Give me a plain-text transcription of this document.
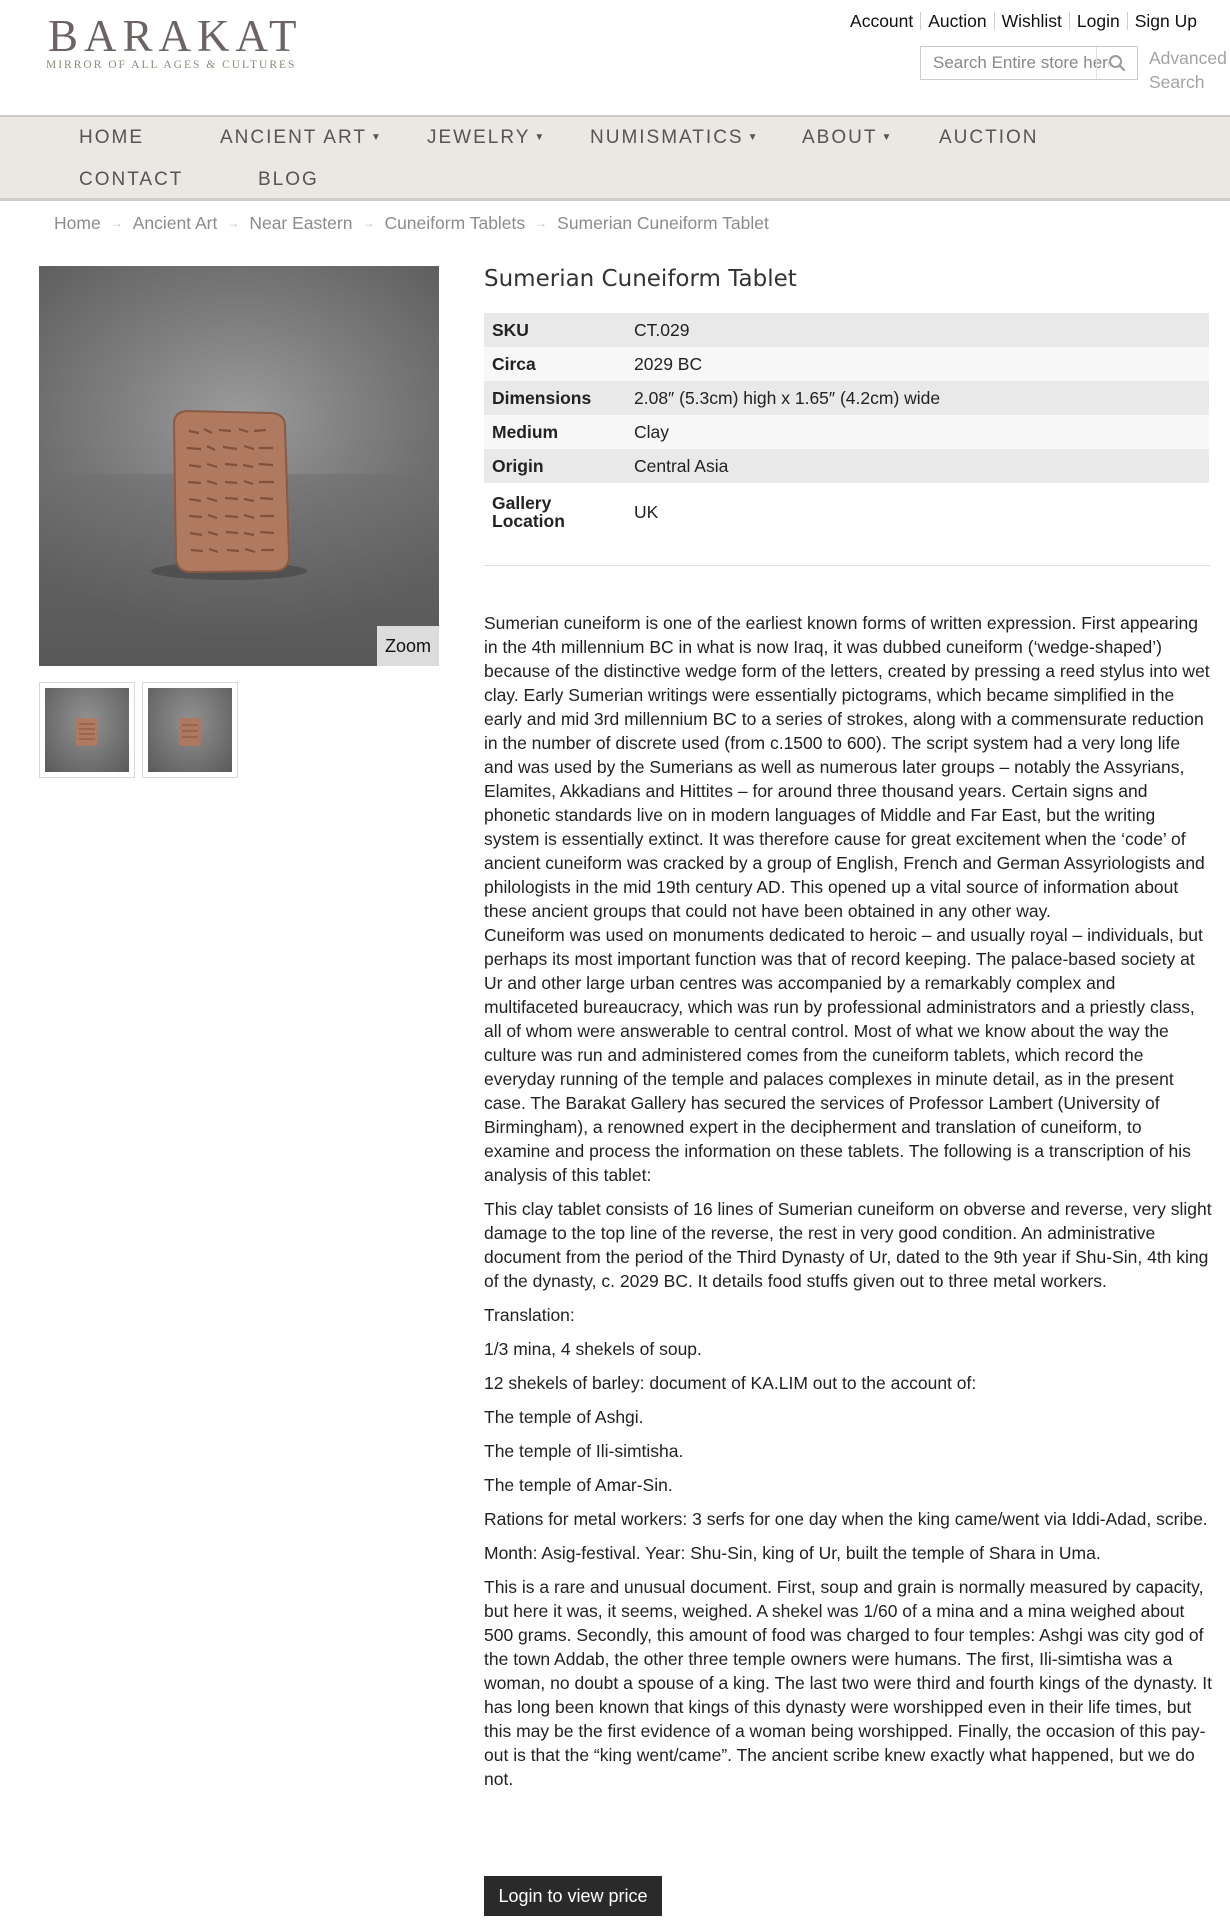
BARAKAT
MIRROR OF ALL AGES & CULTURES
Account Auction Wishlist Login Sign Up
Search Entire store here...
Advanced
Search
HOME	ANCIENT ART ▼ JEWELRY ▼ NUMISMATICS ▼ ABOUT ▼ AUCTION
CONTACT	BLOG
Home → Ancient Art → Near Eastern → Cuneiform Tablets → Sumerian Cuneiform Tablet
Zoom
Sumerian Cuneiform Tablet
SKU	CT.029
Circa	2029 BC
Dimensions	2.08″ (5.3cm) high x 1.65″ (4.2cm) wide
Medium	Clay
Origin	Central Asia
Gallery Location	UK

Sumerian cuneiform is one of the earliest known forms of written expression. First appearing in the 4th millennium BC in what is now Iraq, it was dubbed cuneiform (‘wedge-shaped’) because of the distinctive wedge form of the letters, created by pressing a reed stylus into wet clay. Early Sumerian writings were essentially pictograms, which became simplified in the early and mid 3rd millennium BC to a series of strokes, along with a commensurate reduction in the number of discrete used (from c.1500 to 600). The script system had a very long life and was used by the Sumerians as well as numerous later groups – notably the Assyrians, Elamites, Akkadians and Hittites – for around three thousand years. Certain signs and phonetic standards live on in modern languages of Middle and Far East, but the writing system is essentially extinct. It was therefore cause for great excitement when the ‘code’ of ancient cuneiform was cracked by a group of English, French and German Assyriologists and philologists in the mid 19th century AD. This opened up a vital source of information about these ancient groups that could not have been obtained in any other way.

Cuneiform was used on monuments dedicated to heroic – and usually royal – individuals, but perhaps its most important function was that of record keeping. The palace-based society at Ur and other large urban centres was accompanied by a remarkably complex and multifaceted bureaucracy, which was run by professional administrators and a priestly class, all of whom were answerable to central control. Most of what we know about the way the culture was run and administered comes from the cuneiform tablets, which record the everyday running of the temple and palaces complexes in minute detail, as in the present case. The Barakat Gallery has secured the services of Professor Lambert (University of Birmingham), a renowned expert in the decipherment and translation of cuneiform, to examine and process the information on these tablets. The following is a transcription of his analysis of this tablet:

This clay tablet consists of 16 lines of Sumerian cuneiform on obverse and reverse, very slight damage to the top line of the reverse, the rest in very good condition. An administrative document from the period of the Third Dynasty of Ur, dated to the 9th year if Shu-Sin, 4th king of the dynasty, c. 2029 BC. It details food stuffs given out to three metal workers.

Translation:

1/3 mina, 4 shekels of soup.

12 shekels of barley: document of KA.LIM out to the account of:

The temple of Ashgi.

The temple of Ili-simtisha.

The temple of Amar-Sin.

Rations for metal workers: 3 serfs for one day when the king came/went via Iddi-Adad, scribe.

Month: Asig-festival. Year: Shu-Sin, king of Ur, built the temple of Shara in Uma.

This is a rare and unusual document. First, soup and grain is normally measured by capacity, but here it was, it seems, weighed. A shekel was 1/60 of a mina and a mina weighed about 500 grams. Secondly, this amount of food was charged to four temples: Ashgi was city god of the town Addab, the other three temple owners were humans. The first, Ili-simtisha was a woman, no doubt a spouse of a king. The last two were third and fourth kings of the dynasty. It has long been known that kings of this dynasty were worshipped even in their life times, but this may be the first evidence of a woman being worshipped. Finally, the occasion of this pay-out is that the “king went/came”. The ancient scribe knew exactly what happened, but we do not.

Login to view price
